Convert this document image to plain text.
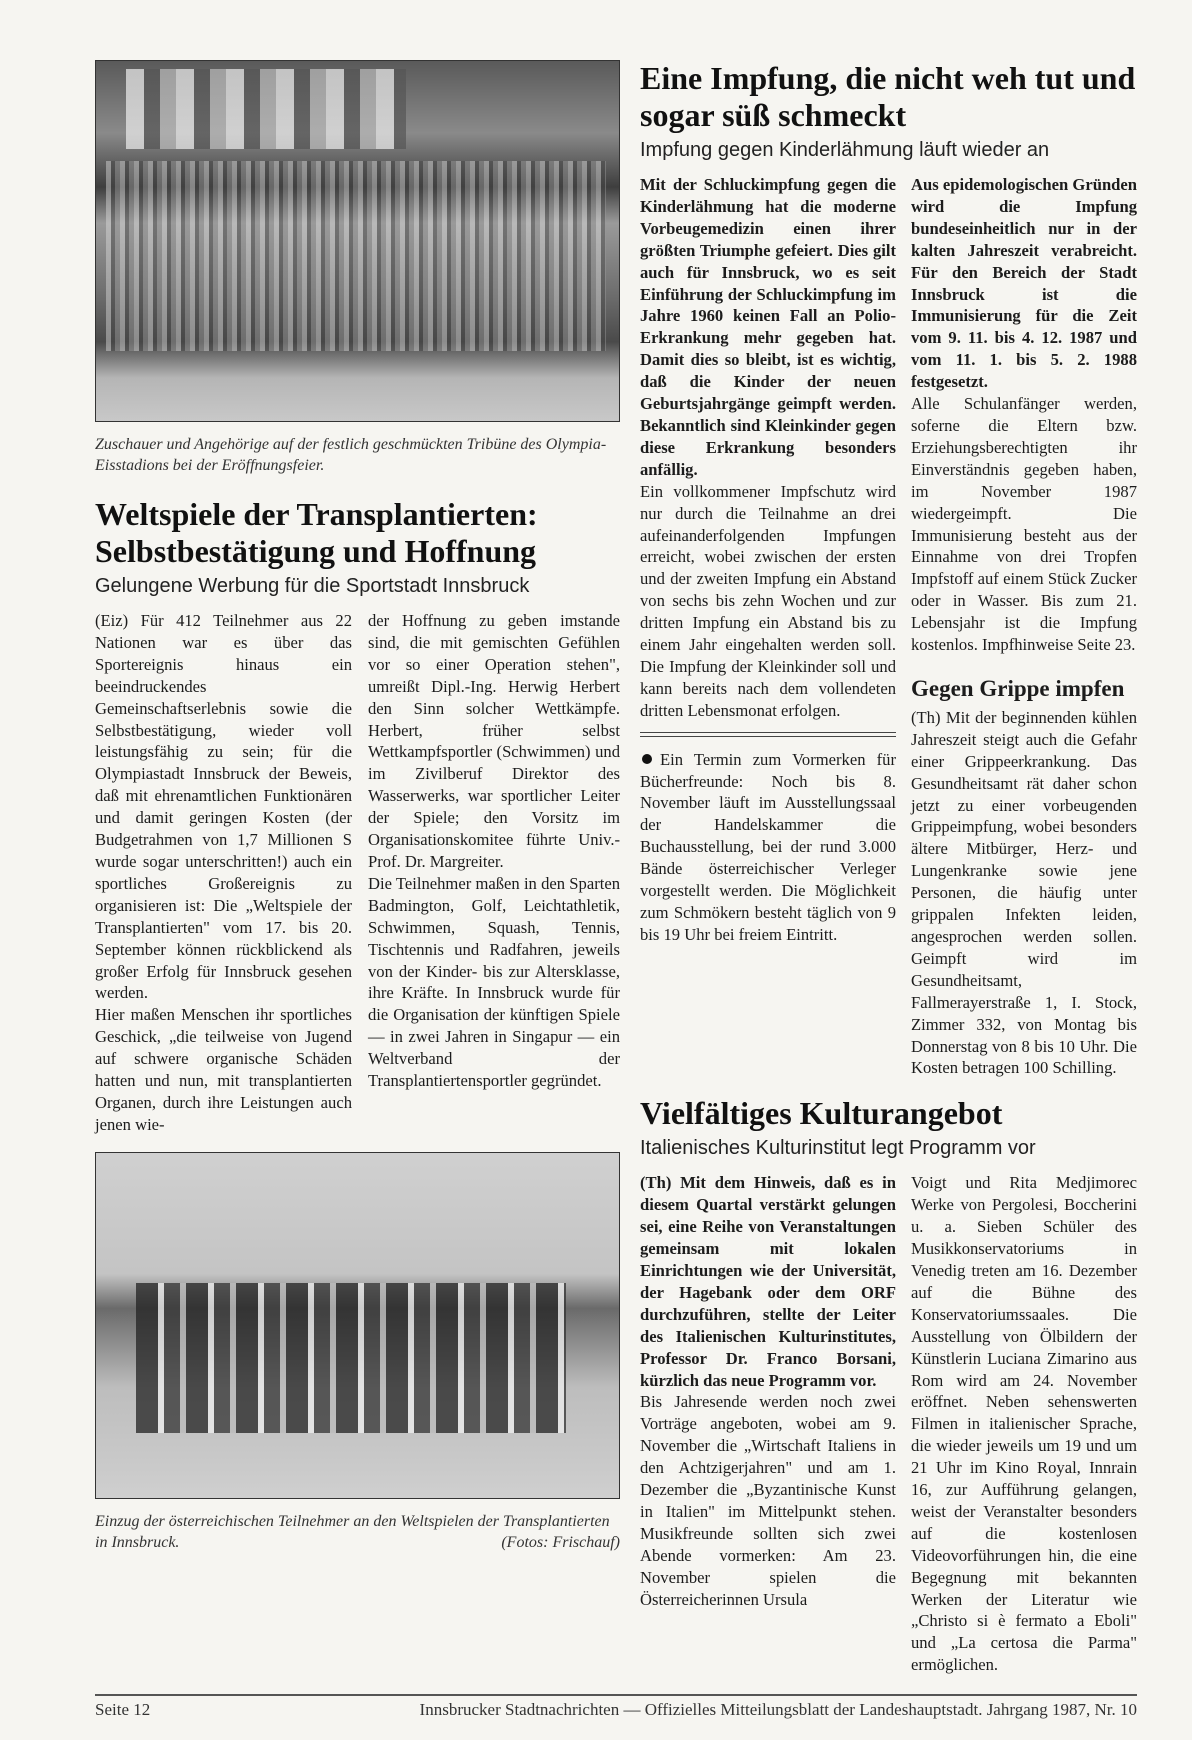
Zuschauer und Angehörige auf der festlich geschmückten Tribüne des Olympia-Eisstadions bei der Eröffnungsfeier.
Weltspiele der Transplantierten: Selbstbestätigung und Hoffnung
Gelungene Werbung für die Sportstadt Innsbruck

(Eiz) Für 412 Teilnehmer aus 22 Nationen war es über das Sportereignis hinaus ein beeindruckendes Gemeinschaftserlebnis sowie die Selbstbestätigung, wieder voll leistungsfähig zu sein; für die Olympiastadt Innsbruck der Beweis, daß mit ehrenamtlichen Funktionären und damit geringen Kosten (der Budgetrahmen von 1,7 Millionen S wurde sogar unterschritten!) auch ein sportliches Großereignis zu organisieren ist: Die „Weltspiele der Transplantierten" vom 17. bis 20. September können rückblickend als großer Erfolg für Innsbruck gesehen werden.

Hier maßen Menschen ihr sportliches Geschick, „die teilweise von Jugend auf schwere organische Schäden hatten und nun, mit transplantierten Organen, durch ihre Leistungen auch jenen wie-

der Hoffnung zu geben imstande sind, die mit gemischten Gefühlen vor so einer Operation stehen", umreißt Dipl.-Ing. Herwig Herbert den Sinn solcher Wettkämpfe. Herbert, früher selbst Wettkampfsportler (Schwimmen) und im Zivilberuf Direktor des Wasserwerks, war sportlicher Leiter der Spiele; den Vorsitz im Organisationskomitee führte Univ.-Prof. Dr. Margreiter.

Die Teilnehmer maßen in den Sparten Badmington, Golf, Leichtathletik, Schwimmen, Squash, Tennis, Tischtennis und Radfahren, jeweils von der Kinder- bis zur Altersklasse, ihre Kräfte. In Innsbruck wurde für die Organisation der künftigen Spiele — in zwei Jahren in Singapur — ein Weltverband der Transplantiertensportler gegründet.

Einzug der österreichischen Teilnehmer an den Weltspielen der Transplantierten in Innsbruck.	(Fotos: Frischauf)
Eine Impfung, die nicht weh tut und sogar süß schmeckt
Impfung gegen Kinderlähmung läuft wieder an

Mit der Schluckimpfung gegen die Kinderlähmung hat die moderne Vorbeugemedizin einen ihrer größten Triumphe gefeiert. Dies gilt auch für Innsbruck, wo es seit Einführung der Schluckimpfung im Jahre 1960 keinen Fall an Polio-Erkrankung mehr gegeben hat. Damit dies so bleibt, ist es wichtig, daß die Kinder der neuen Geburtsjahrgänge geimpft werden. Bekanntlich sind Kleinkinder gegen diese Erkrankung besonders anfällig.

Ein vollkommener Impfschutz wird nur durch die Teilnahme an drei aufeinanderfolgenden Impfungen erreicht, wobei zwischen der ersten und der zweiten Impfung ein Abstand von sechs bis zehn Wochen und zur dritten Impfung ein Abstand bis zu einem Jahr eingehalten werden soll. Die Impfung der Kleinkinder soll und kann bereits nach dem vollendeten dritten Lebensmonat erfolgen.

Ein Termin zum Vormerken für Bücherfreunde: Noch bis 8. November läuft im Ausstellungssaal der Handelskammer die Buchausstellung, bei der rund 3.000 Bände österreichischer Verleger vorgestellt werden. Die Möglichkeit zum Schmökern besteht täglich von 9 bis 19 Uhr bei freiem Eintritt.

Aus epidemologischen Gründen wird die Impfung bundeseinheitlich nur in der kalten Jahreszeit verabreicht. Für den Bereich der Stadt Innsbruck ist die Immunisierung für die Zeit vom 9. 11. bis 4. 12. 1987 und vom 11. 1. bis 5. 2. 1988 festgesetzt.

Alle Schulanfänger werden, soferne die Eltern bzw. Erziehungsberechtigten ihr Einverständnis gegeben haben, im November 1987 wiedergeimpft. Die Immunisierung besteht aus der Einnahme von drei Tropfen Impfstoff auf einem Stück Zucker oder in Wasser. Bis zum 21. Lebensjahr ist die Impfung kostenlos. Impfhinweise Seite 23.

Gegen Grippe impfen
(Th) Mit der beginnenden kühlen Jahreszeit steigt auch die Gefahr einer Grippeerkrankung. Das Gesundheitsamt rät daher schon jetzt zu einer vorbeugenden Grippeimpfung, wobei besonders ältere Mitbürger, Herz- und Lungenkranke sowie jene Personen, die häufig unter grippalen Infekten leiden, angesprochen werden sollen. Geimpft wird im Gesundheitsamt, Fallmerayerstraße 1, I. Stock, Zimmer 332, von Montag bis Donnerstag von 8 bis 10 Uhr. Die Kosten betragen 100 Schilling.
Vielfältiges Kulturangebot
Italienisches Kulturinstitut legt Programm vor

(Th) Mit dem Hinweis, daß es in diesem Quartal verstärkt gelungen sei, eine Reihe von Veranstaltungen gemeinsam mit lokalen Einrichtungen wie der Universität, der Hagebank oder dem ORF durchzuführen, stellte der Leiter des Italienischen Kulturinstitutes, Professor Dr. Franco Borsani, kürzlich das neue Programm vor.

Bis Jahresende werden noch zwei Vorträge angeboten, wobei am 9. November die „Wirtschaft Italiens in den Achtzigerjahren" und am 1. Dezember die „Byzantinische Kunst in Italien" im Mittelpunkt stehen. Musikfreunde sollten sich zwei Abende vormerken: Am 23. November spielen die Österreicherinnen Ursula

Voigt und Rita Medjimorec Werke von Pergolesi, Boccherini u. a. Sieben Schüler des Musikkonservatoriums in Venedig treten am 16. Dezember auf die Bühne des Konservatoriumssaales. Die Ausstellung von Ölbildern der Künstlerin Luciana Zimarino aus Rom wird am 24. November eröffnet. Neben sehenswerten Filmen in italienischer Sprache, die wieder jeweils um 19 und um 21 Uhr im Kino Royal, Innrain 16, zur Aufführung gelangen, weist der Veranstalter besonders auf die kostenlosen Videovorführungen hin, die eine Begegnung mit bekannten Werken der Literatur wie „Christo si è fermato a Eboli" und „La certosa die Parma" ermöglichen.
Seite 12	Innsbrucker Stadtnachrichten — Offizielles Mitteilungsblatt der Landeshauptstadt. Jahrgang 1987, Nr. 10
